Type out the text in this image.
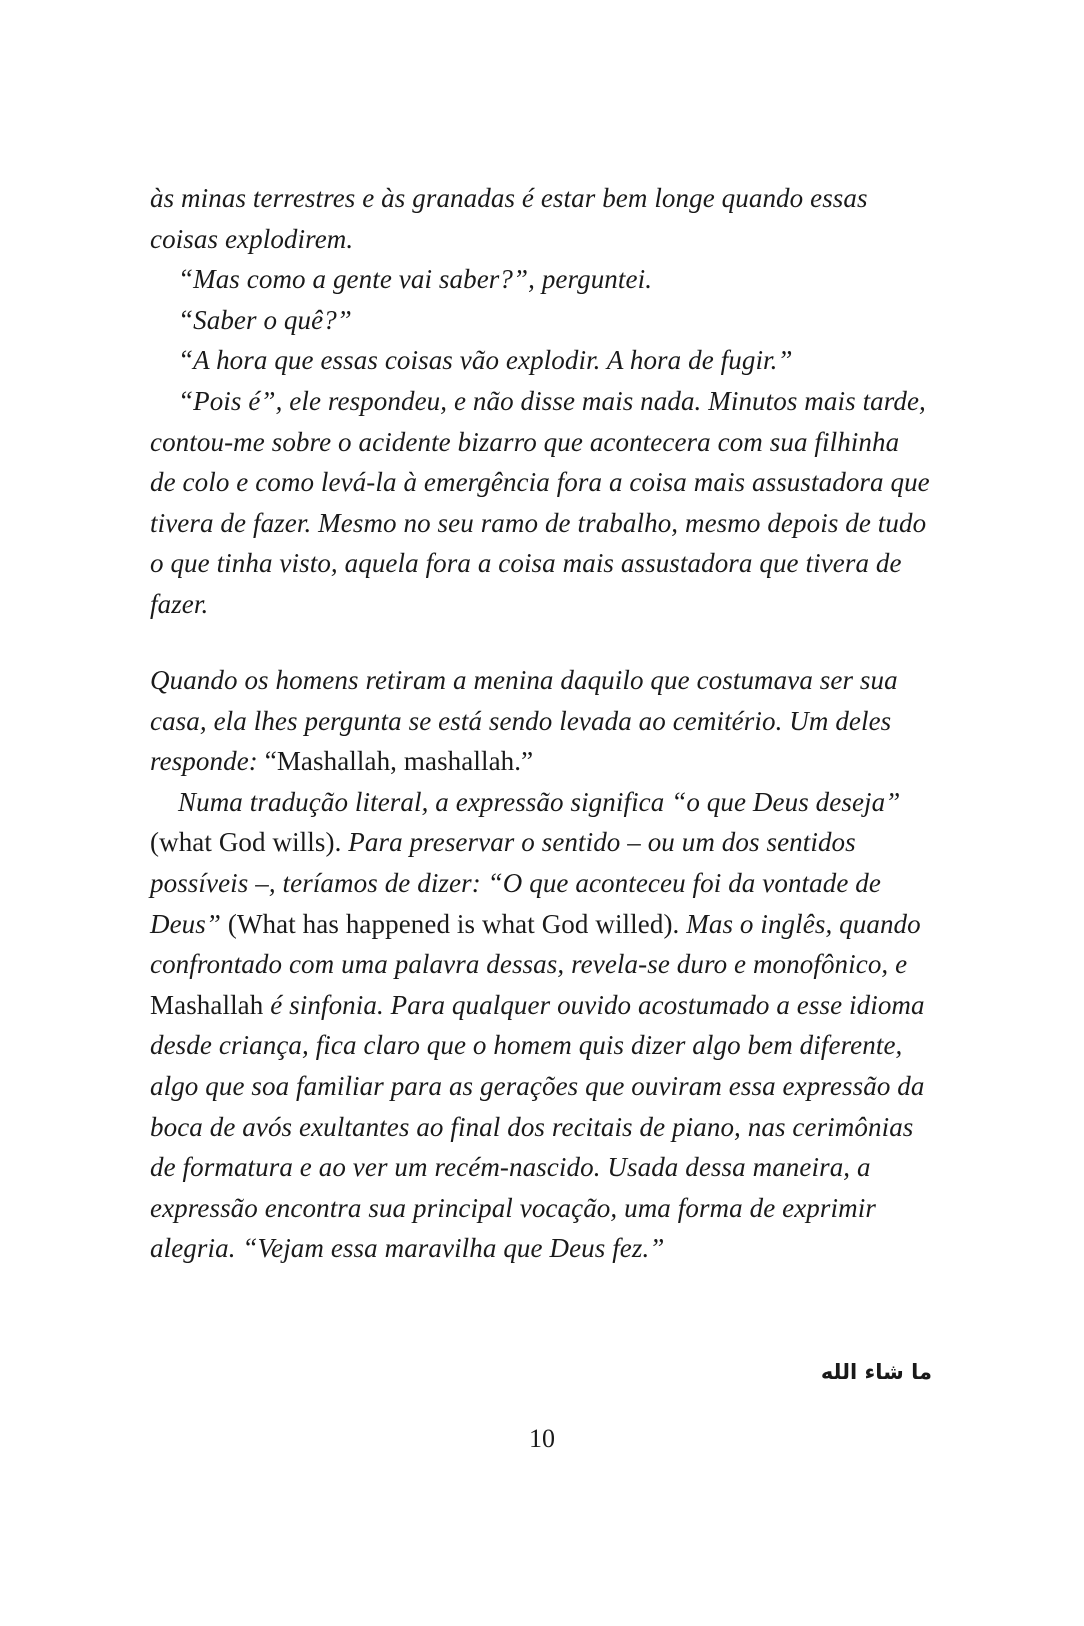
às minas terrestres e às granadas é estar bem longe quando essas coisas explodirem.

“Mas como a gente vai saber?”, perguntei.

“Saber o quê?”

“A hora que essas coisas vão explodir. A hora de fugir.”

“Pois é”, ele respondeu, e não disse mais nada. Minutos mais tarde, contou-me sobre o acidente bizarro que acontecera com sua filhinha de colo e como levá-la à emergência fora a coisa mais assustadora que tivera de fazer. Mesmo no seu ramo de trabalho, mesmo depois de tudo o que tinha visto, aquela fora a coisa mais assustadora que tivera de fazer.

Quando os homens retiram a menina daquilo que costumava ser sua casa, ela lhes pergunta se está sendo levada ao cemitério. Um deles responde: “Mashallah, mashallah.”

Numa tradução literal, a expressão significa “o que Deus deseja” (what God wills). Para preservar o sentido – ou um dos sentidos possíveis –, teríamos de dizer: “O que aconteceu foi da vontade de Deus” (What has happened is what God willed). Mas o inglês, quando confrontado com uma palavra dessas, revela-se duro e monofônico, e Mashallah é sinfonia. Para qualquer ouvido acostumado a esse idioma desde criança, fica claro que o homem quis dizer algo bem diferente, algo que soa familiar para as gerações que ouviram essa expressão da boca de avós exultantes ao final dos recitais de piano, nas cerimônias de formatura e ao ver um recém-nascido. Usada dessa maneira, a expressão encontra sua principal vocação, uma forma de exprimir alegria. “Vejam essa maravilha que Deus fez.”

ما شاء الله
10
